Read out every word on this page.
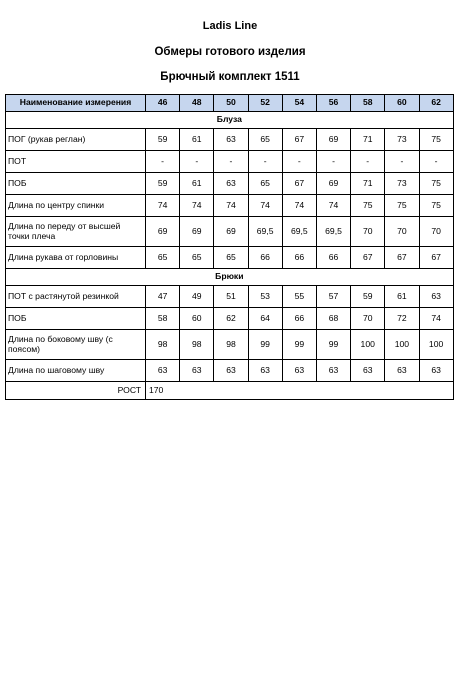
Ladis Line
Обмеры готового изделия
Брючный комплект 1511
Наименование измерения	46	48	50	52	54	56	58	60	62
Блуза									
ПОГ (рукав реглан)	59	61	63	65	67	69	71	73	75
ПОТ	-	-	-	-	-	-	-	-	-
ПОБ	59	61	63	65	67	69	71	73	75
Длина по центру спинки	74	74	74	74	74	74	75	75	75
Длина по переду от высшей точки плеча	69	69	69	69,5	69,5	69,5	70	70	70
Длина рукава от горловины	65	65	65	66	66	66	67	67	67
Брюки									
ПОТ с растянутой резинкой	47	49	51	53	55	57	59	61	63
ПОБ	58	60	62	64	66	68	70	72	74
Длина по боковому шву (с поясом)	98	98	98	99	99	99	100	100	100
Длина по шаговому шву	63	63	63	63	63	63	63	63	63
РОСТ	170								
